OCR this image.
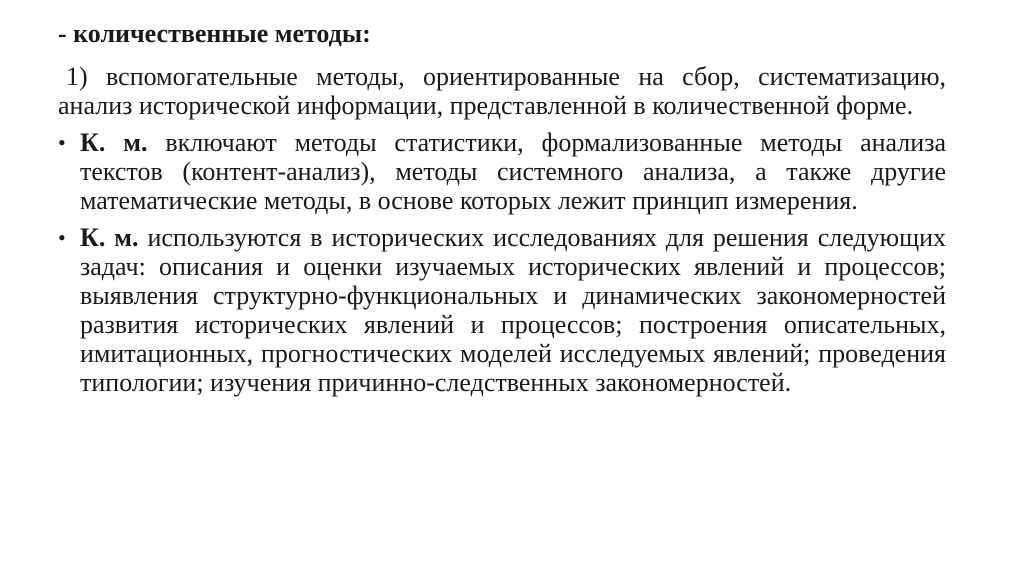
- количественные методы:
1) вспомогательные методы, ориентированные на сбор, систематизацию, анализ исторической информации, представленной в количественной форме.
• К. м. включают методы статистики, формализованные методы анализа текстов (контент-анализ), методы системного анализа, а также другие математические методы, в основе которых лежит принцип измерения.
• К. м. используются в исторических исследованиях для решения следующих задач: описания и оценки изучаемых исторических явлений и процессов; выявления структурно-функциональных и динамических закономерностей развития исторических явлений и процессов; построения описательных, имитационных, прогностических моделей исследуемых явлений; проведения типологии; изучения причинно-следственных закономерностей.
